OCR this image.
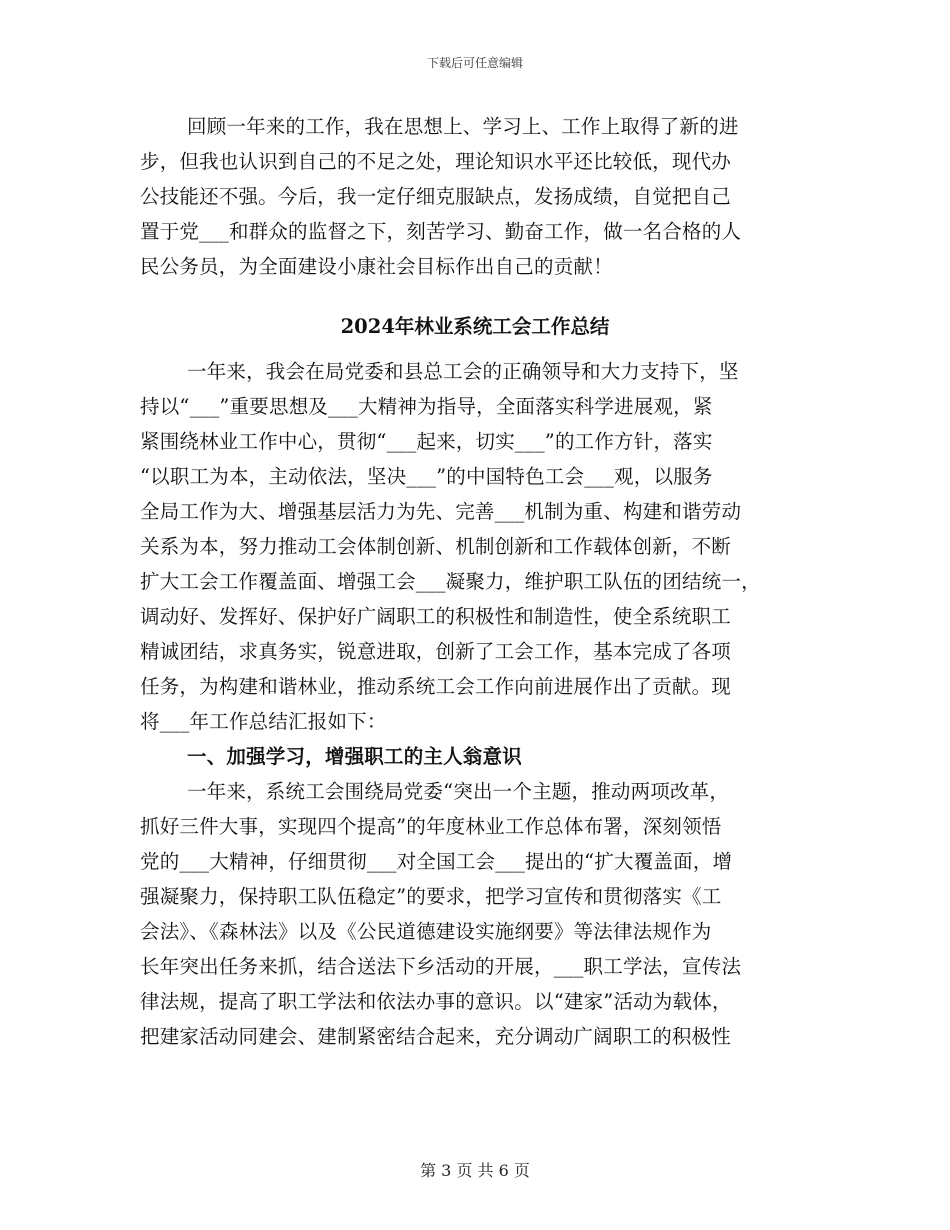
下载后可任意编辑
回顾一年来的工作，我在思想上、学习上、工作上取得了新的进
步，但我也认识到自己的不足之处，理论知识水平还比较低，现代办
公技能还不强。今后，我一定仔细克服缺点，发扬成绩，自觉把自己
置于党___和群众的监督之下，刻苦学习、勤奋工作，做一名合格的人
民公务员，为全面建设小康社会目标作出自己的贡献！
2024年林业系统工会工作总结
一年来，我会在局党委和县总工会的正确领导和大力支持下，坚
持以“___”重要思想及___大精神为指导，全面落实科学进展观，紧
紧围绕林业工作中心，贯彻“___起来，切实___”的工作方针，落实
“以职工为本，主动依法，坚决___”的中国特色工会___观，以服务
全局工作为大、增强基层活力为先、完善___机制为重、构建和谐劳动
关系为本，努力推动工会体制创新、机制创新和工作载体创新，不断
扩大工会工作覆盖面、增强工会___凝聚力，维护职工队伍的团结统一，
调动好、发挥好、保护好广阔职工的积极性和制造性，使全系统职工
精诚团结，求真务实，锐意进取，创新了工会工作，基本完成了各项
任务，为构建和谐林业，推动系统工会工作向前进展作出了贡献。现
将___年工作总结汇报如下：
一、加强学习，增强职工的主人翁意识
一年来，系统工会围绕局党委“突出一个主题，推动两项改革，
抓好三件大事，实现四个提高”的年度林业工作总体布署，深刻领悟
党的___大精神，仔细贯彻___对全国工会___提出的“扩大覆盖面，增
强凝聚力，保持职工队伍稳定”的要求，把学习宣传和贯彻落实《工
会法》、《森林法》以及《公民道德建设实施纲要》等法律法规作为
长年突出任务来抓，结合送法下乡活动的开展，___职工学法，宣传法
律法规，提高了职工学法和依法办事的意识。以“建家”活动为载体，
把建家活动同建会、建制紧密结合起来，充分调动广阔职工的积极性
第 3 页 共 6 页
